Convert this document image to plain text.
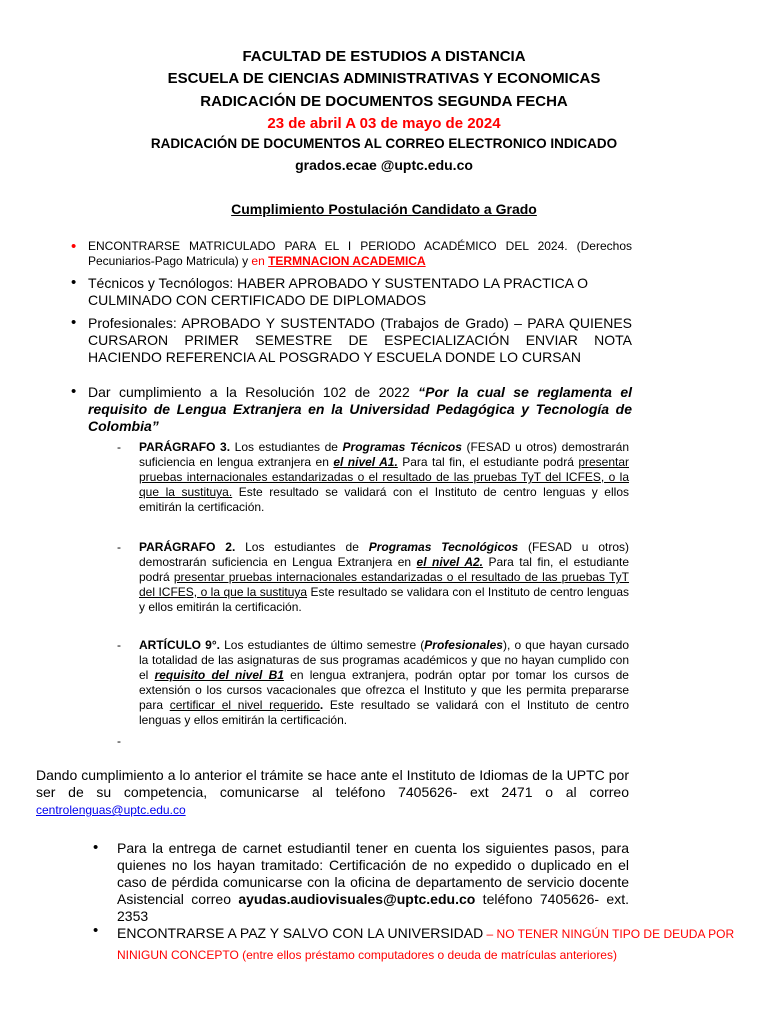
FACULTAD DE ESTUDIOS A DISTANCIA
ESCUELA DE CIENCIAS ADMINISTRATIVAS Y ECONOMICAS
RADICACIÓN DE DOCUMENTOS SEGUNDA FECHA
23 de abril A 03 de mayo de 2024
RADICACIÓN DE DOCUMENTOS AL CORREO ELECTRONICO INDICADO
grados.ecae @uptc.edu.co
Cumplimiento Postulación Candidato a Grado
• ENCONTRARSE MATRICULADO PARA EL I PERIODO ACADÉMICO DEL 2024. (Derechos Pecuniarios-Pago Matricula) y en TERMNACION ACADEMICA
• Técnicos y Tecnólogos: HABER APROBADO Y SUSTENTADO LA PRACTICA O CULMINADO CON CERTIFICADO DE DIPLOMADOS
• Profesionales: APROBADO Y SUSTENTADO (Trabajos de Grado) – PARA QUIENES CURSARON PRIMER SEMESTRE DE ESPECIALIZACIÓN ENVIAR NOTA HACIENDO REFERENCIA AL POSGRADO Y ESCUELA DONDE LO CURSAN
• Dar cumplimiento a la Resolución 102 de 2022 “Por la cual se reglamenta el requisito de Lengua Extranjera en la Universidad Pedagógica y Tecnología de Colombia”
- PARÁGRAFO 3. Los estudiantes de Programas Técnicos (FESAD u otros) demostrarán suficiencia en lengua extranjera en el nivel A1. Para tal fin, el estudiante podrá presentar pruebas internacionales estandarizadas o el resultado de las pruebas TyT del ICFES, o la que la sustituya. Este resultado se validará con el Instituto de centro lenguas y ellos emitirán la certificación.
- PARÁGRAFO 2. Los estudiantes de Programas Tecnológicos (FESAD u otros) demostrarán suficiencia en Lengua Extranjera en el nivel A2. Para tal fin, el estudiante podrá presentar pruebas internacionales estandarizadas o el resultado de las pruebas TyT del ICFES, o la que la sustituya Este resultado se validara con el Instituto de centro lenguas y ellos emitirán la certificación.
- ARTÍCULO 9°. Los estudiantes de último semestre (Profesionales), o que hayan cursado la totalidad de las asignaturas de sus programas académicos y que no hayan cumplido con el requisito del nivel B1 en lengua extranjera, podrán optar por tomar los cursos de extensión o los cursos vacacionales que ofrezca el Instituto y que les permita prepararse para certificar el nivel requerido. Este resultado se validará con el Instituto de centro lenguas y ellos emitirán la certificación.
-
Dando cumplimiento a lo anterior el trámite se hace ante el Instituto de Idiomas de la UPTC por ser de su competencia, comunicarse al teléfono 7405626- ext 2471 o al correo centrolenguas@uptc.edu.co
• Para la entrega de carnet estudiantil tener en cuenta los siguientes pasos, para quienes no los hayan tramitado: Certificación de no expedido o duplicado en el caso de pérdida comunicarse con la oficina de departamento de servicio docente Asistencial correo ayudas.audiovisuales@uptc.edu.co teléfono 7405626- ext. 2353
• ENCONTRARSE A PAZ Y SALVO CON LA UNIVERSIDAD – NO TENER NINGÚN TIPO DE DEUDA POR NINIGUN CONCEPTO (entre ellos préstamo computadores o deuda de matrículas anteriores)
